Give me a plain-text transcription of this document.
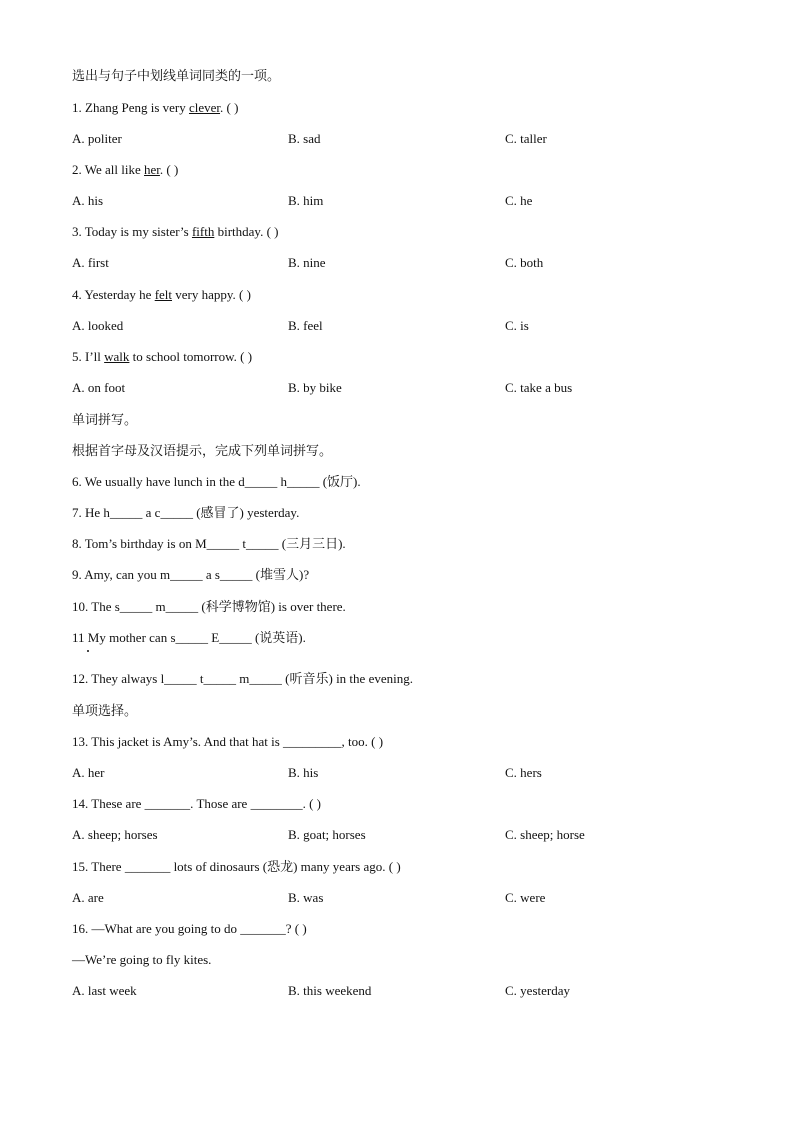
选出与句子中划线单词同类的一项。
1. Zhang Peng is very clever. ( )
A. politer	B. sad	C. taller
2. We all like her. ( )
A. his	B. him	C. he
3. Today is my sister’s fifth birthday. ( )
A. first	B. nine	C. both
4. Yesterday he felt very happy. ( )
A. looked	B. feel	C. is
5. I’ll walk to school tomorrow. ( )
A. on foot	B. by bike	C. take a bus
单词拼写。
根据首字母及汉语提示，完成下列单词拼写。
6. We usually have lunch in the d_____ h_____ (饭厅).
7. He h_____ a c_____ (感冒了) yesterday.
8. Tom’s birthday is on M_____ t_____ (三月三日).
9. Amy, can you m_____ a s_____ (堆雪人)?
10. The s_____ m_____ (科学博物馆) is over there.
11 My mother can s_____ E_____ (说英语).
12. They always l_____ t_____ m_____ (听音乐) in the evening.
单项选择。
13. This jacket is Amy’s. And that hat is _________, too. ( )
A. her	B. his	C. hers
14. These are _______. Those are ________. ( )
A. sheep; horses	B. goat; horses	C. sheep; horse
15. There _______ lots of dinosaurs (恐龙) many years ago. ( )
A. are	B. was	C. were
16. —What are you going to do _______? ( )
—We’re going to fly kites.
A. last week	B. this weekend	C. yesterday
